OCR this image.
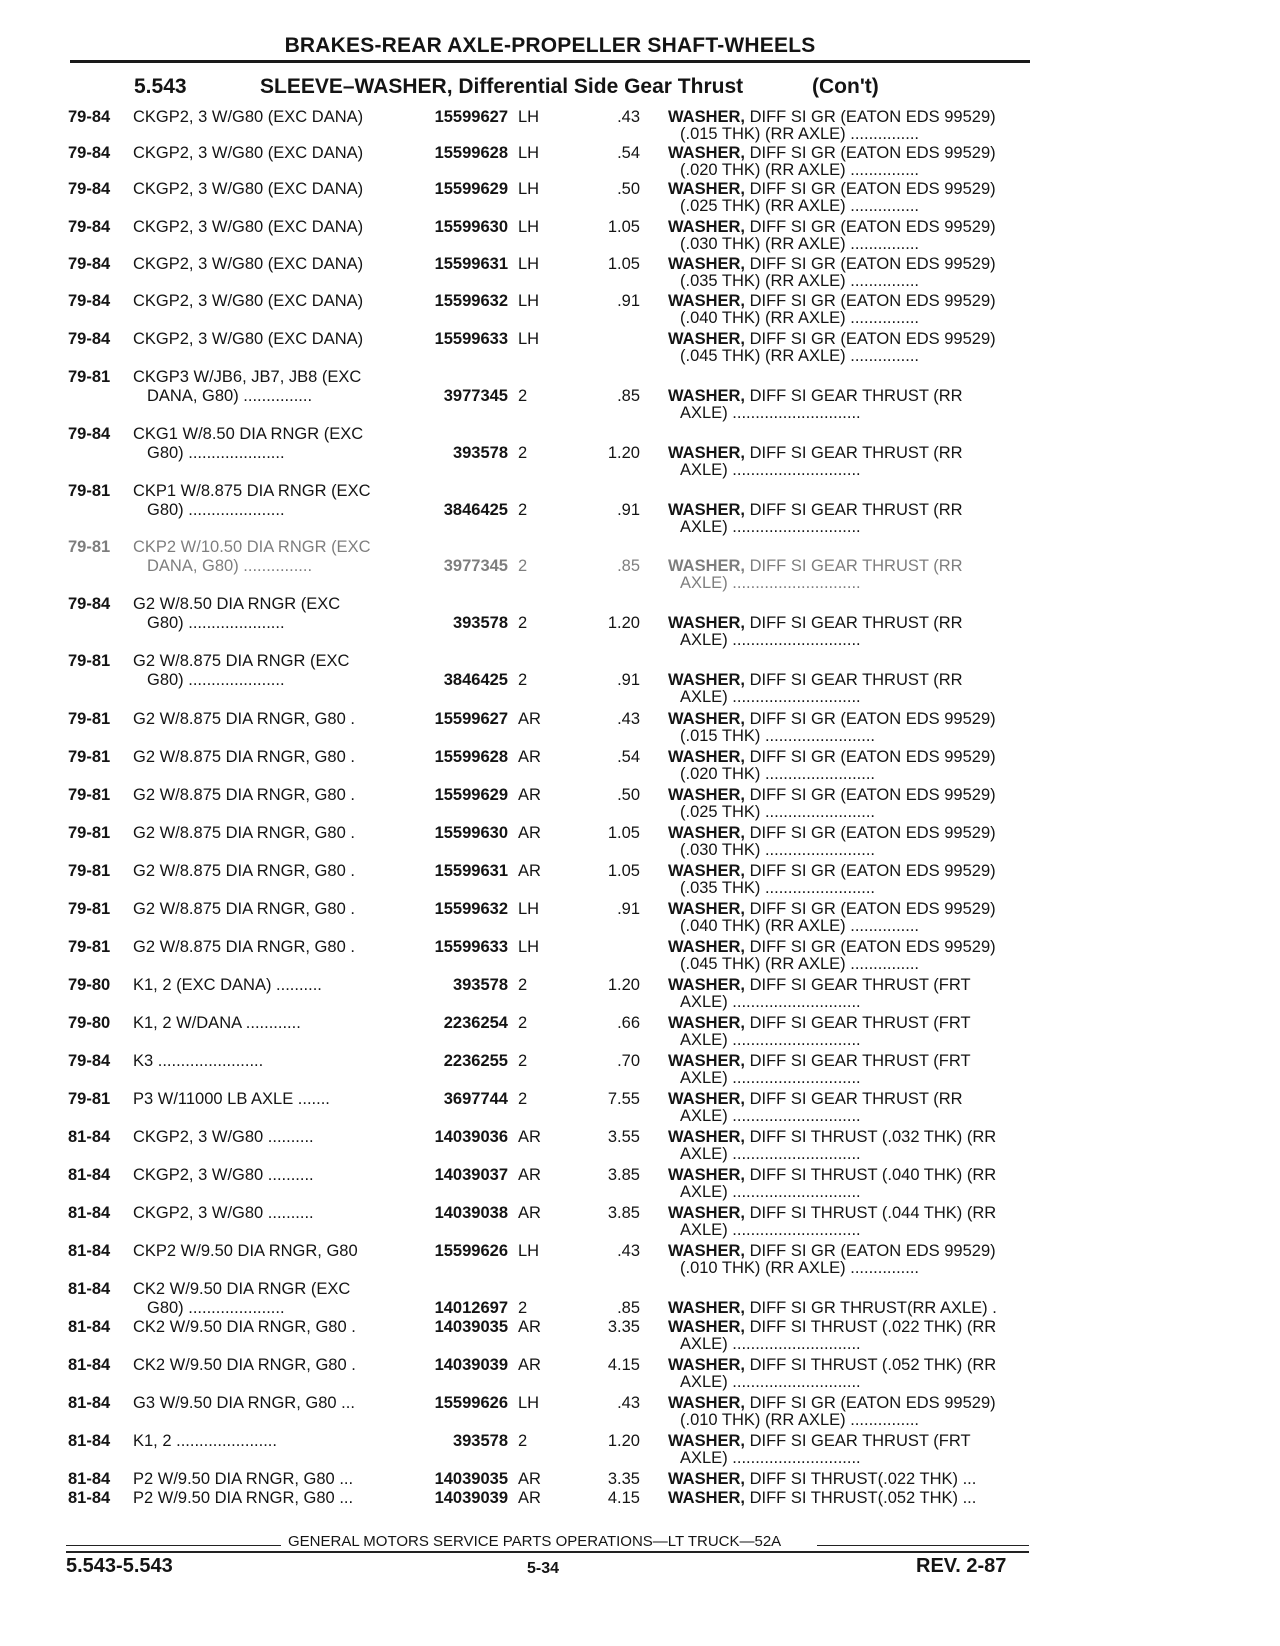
BRAKES-REAR AXLE-PROPELLER SHAFT-WHEELS
5.543	SLEEVE–WASHER, Differential Side Gear Thrust	(Con't)
79-84 CKGP2, 3 W/G80 (EXC DANA)	15599627 LH	.43 WASHER, DIFF SI GR (EATON EDS 99529)
(.015 THK) (RR AXLE) ...............
79-84 CKGP2, 3 W/G80 (EXC DANA)	15599628 LH	.54 WASHER, DIFF SI GR (EATON EDS 99529)
(.020 THK) (RR AXLE) ...............
79-84 CKGP2, 3 W/G80 (EXC DANA)	15599629 LH	.50 WASHER, DIFF SI GR (EATON EDS 99529)
(.025 THK) (RR AXLE) ...............
79-84 CKGP2, 3 W/G80 (EXC DANA)	15599630 LH	1.05 WASHER, DIFF SI GR (EATON EDS 99529)
(.030 THK) (RR AXLE) ...............
79-84 CKGP2, 3 W/G80 (EXC DANA)	15599631 LH	1.05 WASHER, DIFF SI GR (EATON EDS 99529)
(.035 THK) (RR AXLE) ...............
79-84 CKGP2, 3 W/G80 (EXC DANA)	15599632 LH	.91 WASHER, DIFF SI GR (EATON EDS 99529)
(.040 THK) (RR AXLE) ...............
79-84 CKGP2, 3 W/G80 (EXC DANA)	15599633 LH	WASHER, DIFF SI GR (EATON EDS 99529)
(.045 THK) (RR AXLE) ...............
79-81 CKGP3 W/JB6, JB7, JB8 (EXC
DANA, G80) ...............	3977345 2	.85 WASHER, DIFF SI GEAR THRUST (RR
AXLE) ............................
79-84 CKG1 W/8.50 DIA RNGR (EXC
G80) .....................	393578 2	1.20 WASHER, DIFF SI GEAR THRUST (RR
AXLE) ............................
79-81 CKP1 W/8.875 DIA RNGR (EXC
G80) .....................	3846425 2	.91 WASHER, DIFF SI GEAR THRUST (RR
AXLE) ............................
79-81 CKP2 W/10.50 DIA RNGR (EXC
DANA, G80) ...............	3977345 2	.85 WASHER, DIFF SI GEAR THRUST (RR
AXLE) ............................
79-84 G2 W/8.50 DIA RNGR (EXC
G80) .....................	393578 2	1.20 WASHER, DIFF SI GEAR THRUST (RR
AXLE) ............................
79-81 G2 W/8.875 DIA RNGR (EXC
G80) .....................	3846425 2	.91 WASHER, DIFF SI GEAR THRUST (RR
AXLE) ............................
79-81 G2 W/8.875 DIA RNGR, G80 .	15599627 AR	.43 WASHER, DIFF SI GR (EATON EDS 99529)
(.015 THK) ........................
79-81 G2 W/8.875 DIA RNGR, G80 .	15599628 AR	.54 WASHER, DIFF SI GR (EATON EDS 99529)
(.020 THK) ........................
79-81 G2 W/8.875 DIA RNGR, G80 .	15599629 AR	.50 WASHER, DIFF SI GR (EATON EDS 99529)
(.025 THK) ........................
79-81 G2 W/8.875 DIA RNGR, G80 .	15599630 AR	1.05 WASHER, DIFF SI GR (EATON EDS 99529)
(.030 THK) ........................
79-81 G2 W/8.875 DIA RNGR, G80 .	15599631 AR	1.05 WASHER, DIFF SI GR (EATON EDS 99529)
(.035 THK) ........................
79-81 G2 W/8.875 DIA RNGR, G80 .	15599632 LH	.91 WASHER, DIFF SI GR (EATON EDS 99529)
(.040 THK) (RR AXLE) ...............
79-81 G2 W/8.875 DIA RNGR, G80 .	15599633 LH	WASHER, DIFF SI GR (EATON EDS 99529)
(.045 THK) (RR AXLE) ...............
79-80 K1, 2 (EXC DANA) ..........	393578 2	1.20 WASHER, DIFF SI GEAR THRUST (FRT
AXLE) ............................
79-80 K1, 2 W/DANA ............	2236254 2	.66 WASHER, DIFF SI GEAR THRUST (FRT
AXLE) ............................
79-84 K3 .......................	2236255 2	.70 WASHER, DIFF SI GEAR THRUST (FRT
AXLE) ............................
79-81 P3 W/11000 LB AXLE .......	3697744 2	7.55 WASHER, DIFF SI GEAR THRUST (RR
AXLE) ............................
81-84 CKGP2, 3 W/G80 ..........	14039036 AR	3.55 WASHER, DIFF SI THRUST (.032 THK) (RR
AXLE) ............................
81-84 CKGP2, 3 W/G80 ..........	14039037 AR	3.85 WASHER, DIFF SI THRUST (.040 THK) (RR
AXLE) ............................
81-84 CKGP2, 3 W/G80 ..........	14039038 AR	3.85 WASHER, DIFF SI THRUST (.044 THK) (RR
AXLE) ............................
81-84 CKP2 W/9.50 DIA RNGR, G80	15599626 LH	.43 WASHER, DIFF SI GR (EATON EDS 99529)
(.010 THK) (RR AXLE) ...............
81-84 CK2 W/9.50 DIA RNGR (EXC
G80) .....................	14012697 2	.85 WASHER, DIFF SI GR THRUST(RR AXLE) .
81-84 CK2 W/9.50 DIA RNGR, G80 .	14039035 AR	3.35 WASHER, DIFF SI THRUST (.022 THK) (RR
AXLE) ............................
81-84 CK2 W/9.50 DIA RNGR, G80 .	14039039 AR	4.15 WASHER, DIFF SI THRUST (.052 THK) (RR
AXLE) ............................
81-84 G3 W/9.50 DIA RNGR, G80 ...	15599626 LH	.43 WASHER, DIFF SI GR (EATON EDS 99529)
(.010 THK) (RR AXLE) ...............
81-84 K1, 2 ......................	393578 2	1.20 WASHER, DIFF SI GEAR THRUST (FRT
AXLE) ............................
81-84 P2 W/9.50 DIA RNGR, G80 ...	14039035 AR	3.35 WASHER, DIFF SI THRUST(.022 THK) ...
81-84 P2 W/9.50 DIA RNGR, G80 ...	14039039 AR	4.15 WASHER, DIFF SI THRUST(.052 THK) ...
GENERAL MOTORS SERVICE PARTS OPERATIONS—LT TRUCK—52A
5.543-5.543	5-34	REV. 2-87
